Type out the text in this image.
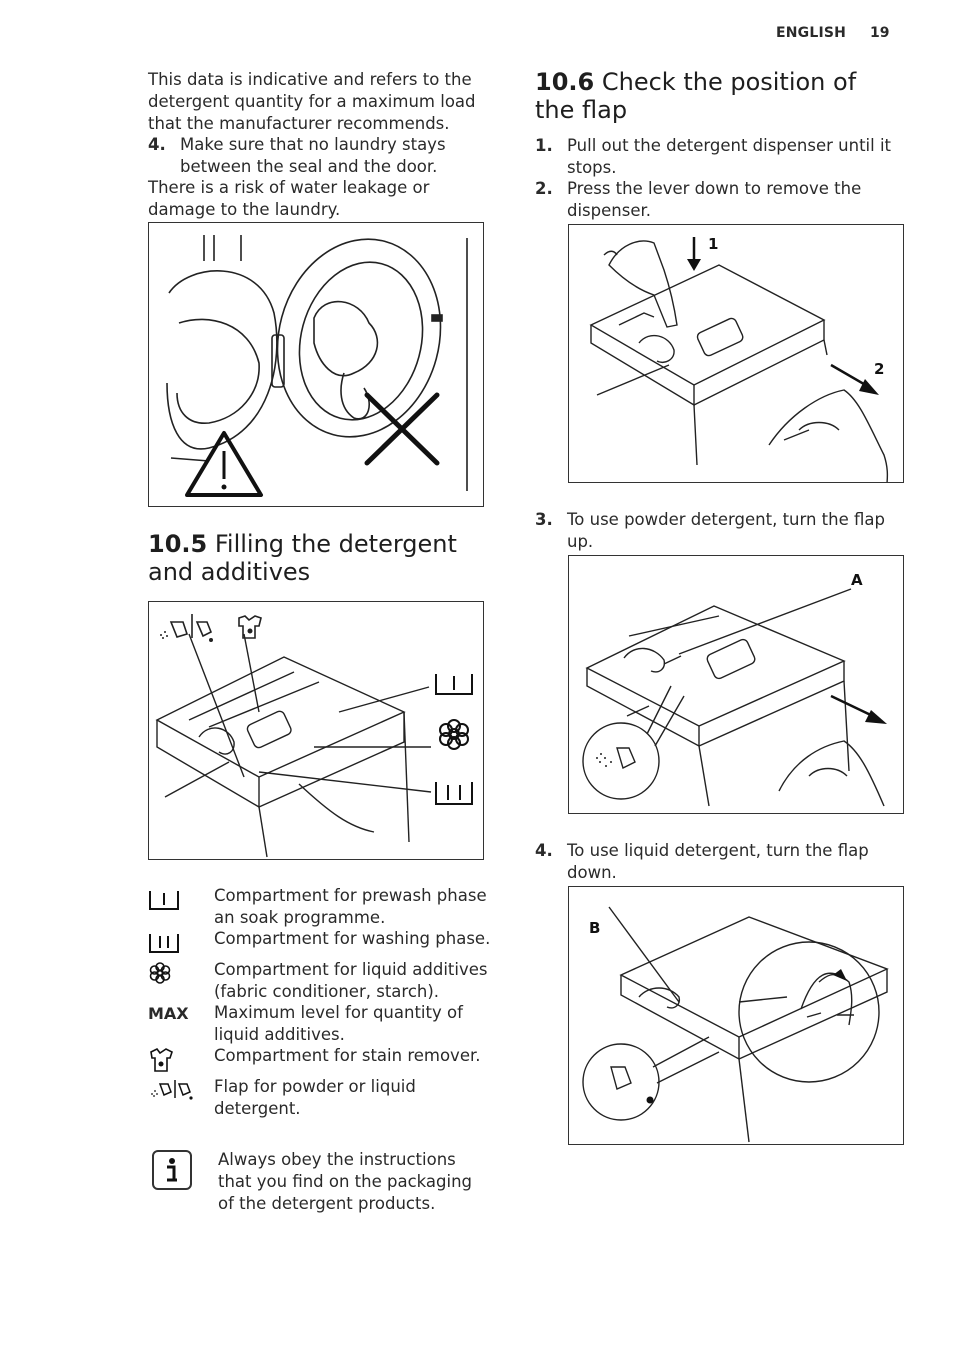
ENGLISH 19
This data is indicative and refers to the detergent quantity for a maximum load that the manufacturer recommends.
4. Make sure that no laundry stays between the seal and the door.
There is a risk of water leakage or damage to the laundry.
10.5 Filling the detergent and additives
Compartment for prewash phase an soak programme.
Compartment for washing phase.
Compartment for liquid additives (fabric conditioner, starch).
MAX	Maximum level for quantity of liquid additives.
Compartment for stain remover.
Flap for powder or liquid detergent.
Always obey the instructions that you find on the packaging of the detergent products.
10.6 Check the position of the flap
1. Pull out the detergent dispenser until it stops.
2. Press the lever down to remove the dispenser.
1
2
3. To use powder detergent, turn the flap up.
A
4. To use liquid detergent, turn the flap down.
B
